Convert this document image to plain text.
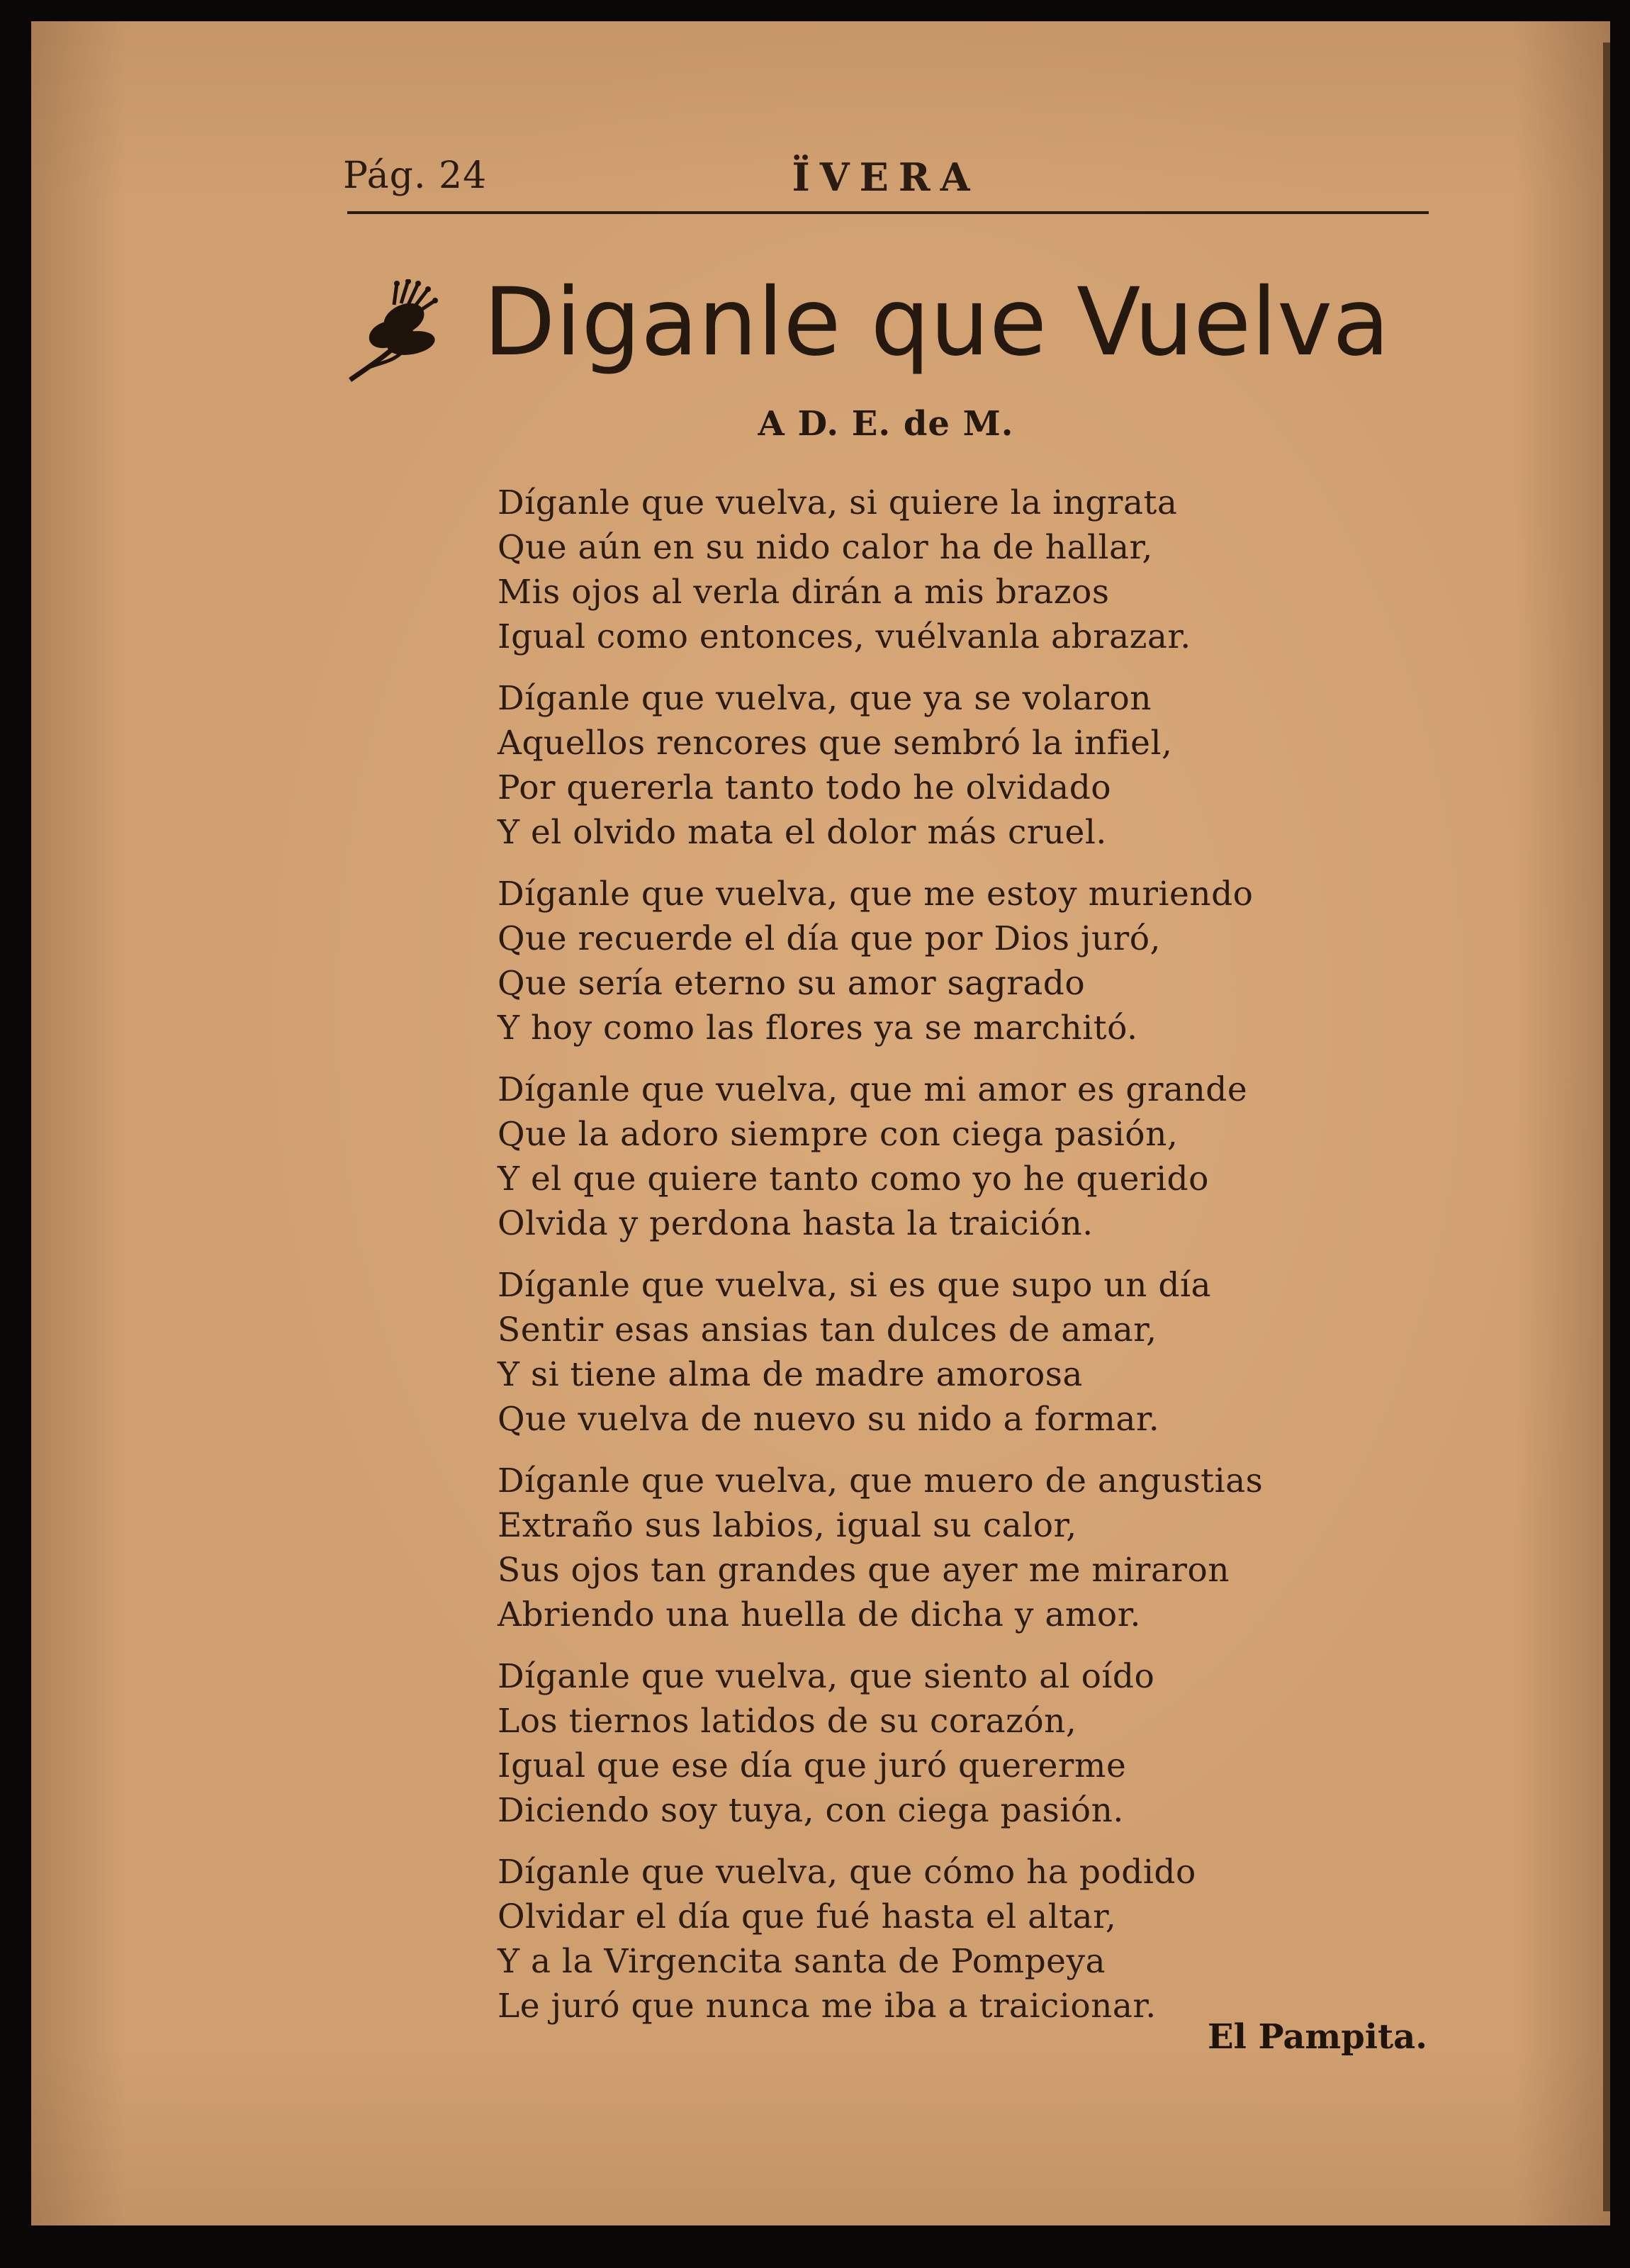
Pág. 24	ÏVERA
Diganle que Vuelva
A D. E. de M.
Díganle que vuelva, si quiere la ingrata
Que aún en su nido calor ha de hallar,
Mis ojos al verla dirán a mis brazos
Igual como entonces, vuélvanla abrazar.
Díganle que vuelva, que ya se volaron
Aquellos rencores que sembró la infiel,
Por quererla tanto todo he olvidado
Y el olvido mata el dolor más cruel.
Díganle que vuelva, que me estoy muriendo
Que recuerde el día que por Dios juró,
Que sería eterno su amor sagrado
Y hoy como las flores ya se marchitó.
Díganle que vuelva, que mi amor es grande
Que la adoro siempre con ciega pasión,
Y el que quiere tanto como yo he querido
Olvida y perdona hasta la traición.
Díganle que vuelva, si es que supo un día
Sentir esas ansias tan dulces de amar,
Y si tiene alma de madre amorosa
Que vuelva de nuevo su nido a formar.
Díganle que vuelva, que muero de angustias
Extraño sus labios, igual su calor,
Sus ojos tan grandes que ayer me miraron
Abriendo una huella de dicha y amor.
Díganle que vuelva, que siento al oído
Los tiernos latidos de su corazón,
Igual que ese día que juró quererme
Diciendo soy tuya, con ciega pasión.
Díganle que vuelva, que cómo ha podido
Olvidar el día que fué hasta el altar,
Y a la Virgencita santa de Pompeya
Le juró que nunca me iba a traicionar.
El Pampita.
